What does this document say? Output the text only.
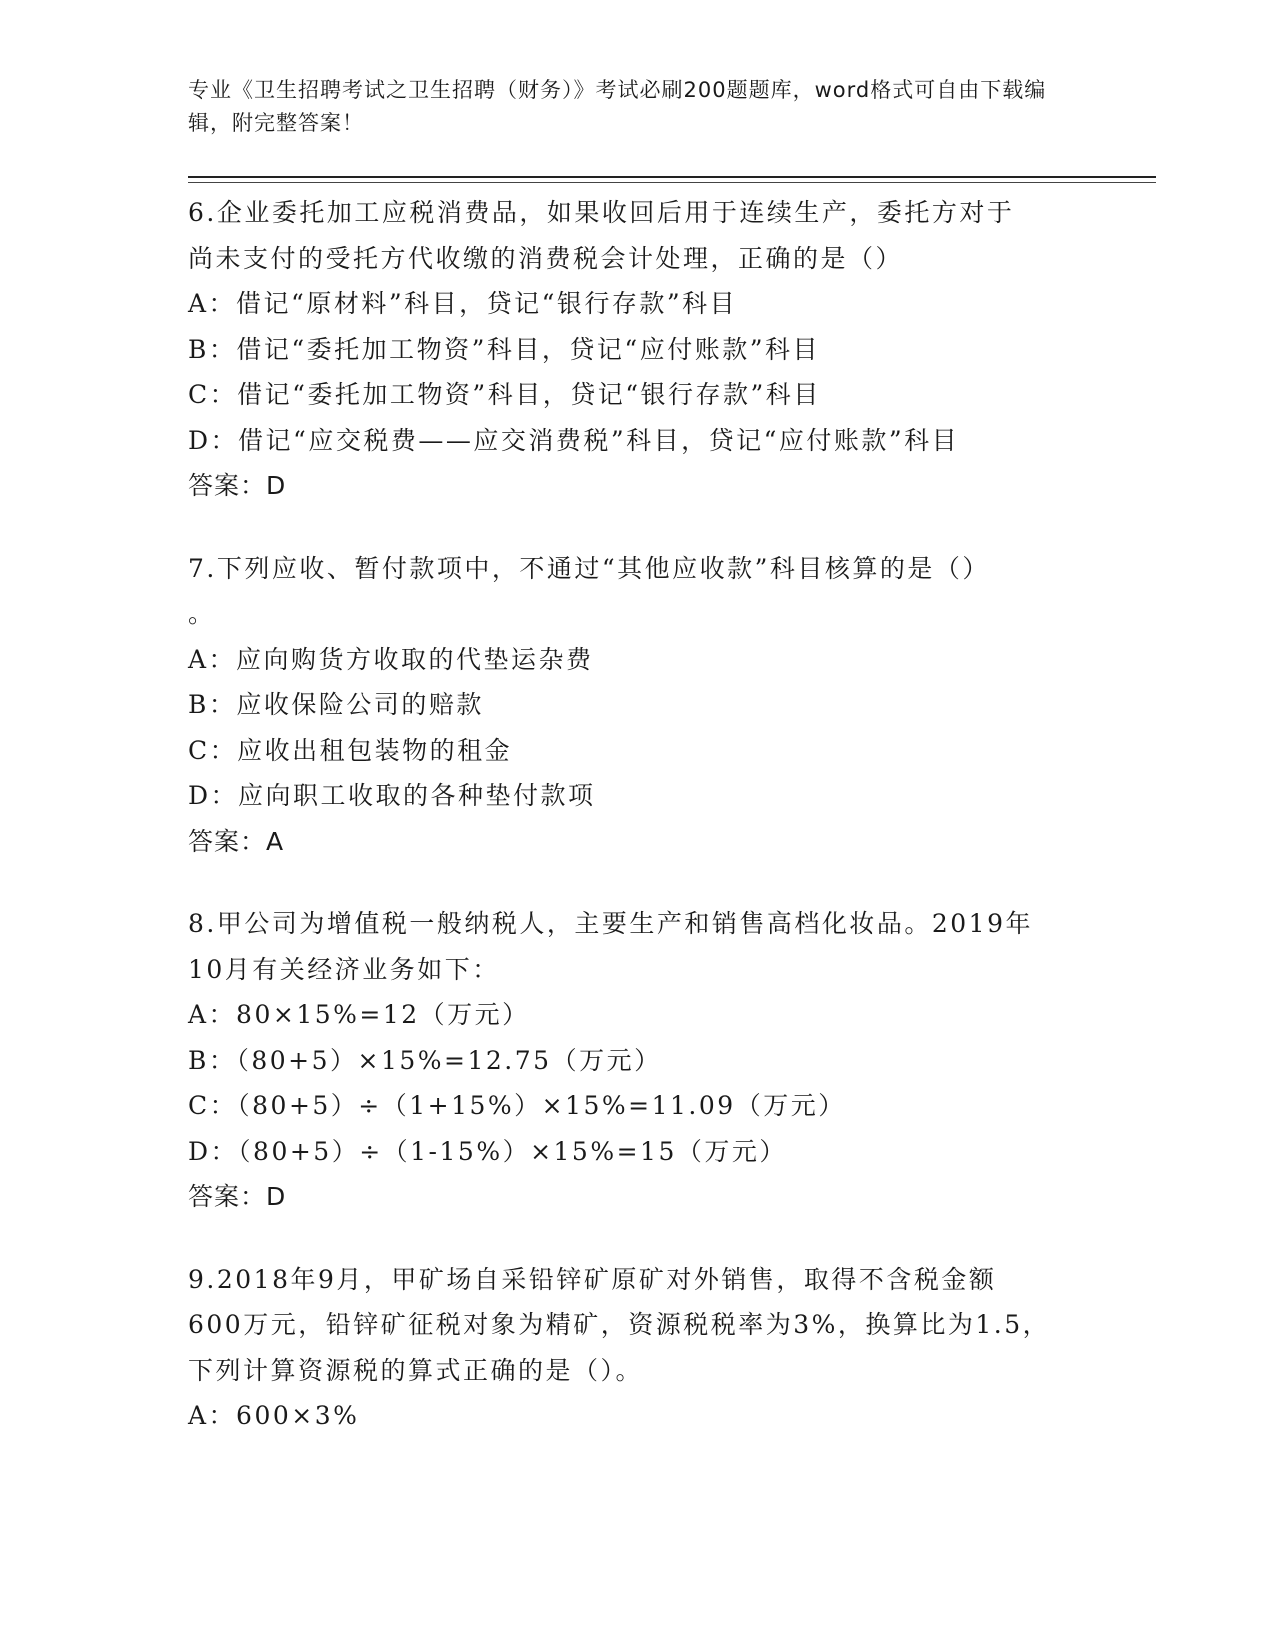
专业《卫生招聘考试之卫生招聘（财务）》考试必刷200题题库，word格式可自由下载编辑，附完整答案！

6.企业委托加工应税消费品，如果收回后用于连续生产，委托方对于

尚未支付的受托方代收缴的消费税会计处理，正确的是（）

A：借记“原材料”科目，贷记“银行存款”科目

B：借记“委托加工物资”科目，贷记“应付账款”科目

C：借记“委托加工物资”科目，贷记“银行存款”科目

D：借记“应交税费——应交消费税”科目，贷记“应付账款”科目

答案：D

7.下列应收、暂付款项中，不通过“其他应收款”科目核算的是（）

。

A：应向购货方收取的代垫运杂费

B：应收保险公司的赔款

C：应收出租包装物的租金

D：应向职工收取的各种垫付款项

答案：A

8.甲公司为增值税一般纳税人，主要生产和销售高档化妆品。2019年

10月有关经济业务如下：

A：80×15%=12（万元）

B：（80+5）×15%=12.75（万元）

C：（80+5）÷（1+15%）×15%=11.09（万元）

D：（80+5）÷（1-15%）×15%=15（万元）

答案：D

9.2018年9月，甲矿场自采铅锌矿原矿对外销售，取得不含税金额

600万元，铅锌矿征税对象为精矿，资源税税率为3%，换算比为1.5，

下列计算资源税的算式正确的是（）。

A：600×3%
